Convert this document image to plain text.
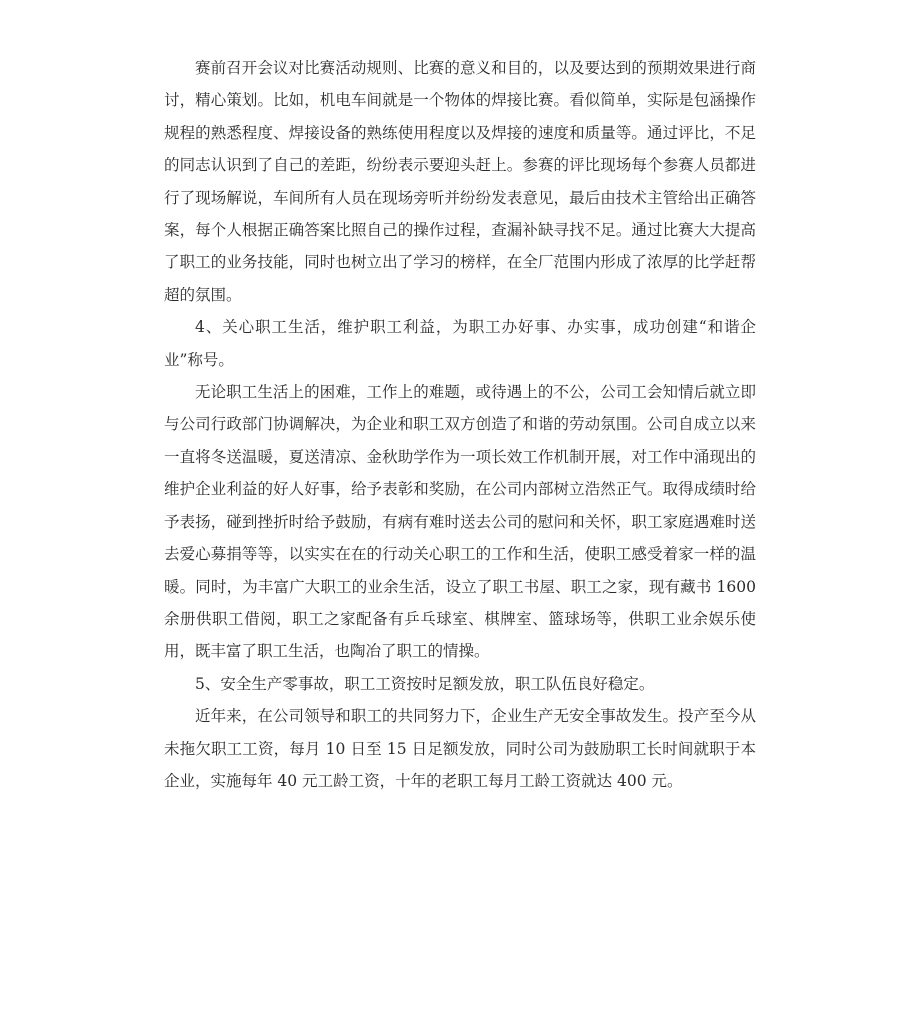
赛前召开会议对比赛活动规则、比赛的意义和目的，以及要达到的预期效果进行商讨，精心策划。比如，机电车间就是一个物体的焊接比赛。看似简单，实际是包涵操作规程的熟悉程度、焊接设备的熟练使用程度以及焊接的速度和质量等。通过评比，不足的同志认识到了自己的差距，纷纷表示要迎头赶上。参赛的评比现场每个参赛人员都进行了现场解说，车间所有人员在现场旁听并纷纷发表意见，最后由技术主管给出正确答案，每个人根据正确答案比照自己的操作过程，查漏补缺寻找不足。通过比赛大大提高了职工的业务技能，同时也树立出了学习的榜样，在全厂范围内形成了浓厚的比学赶帮超的氛围。

4、关心职工生活，维护职工利益，为职工办好事、办实事，成功创建“和谐企业”称号。

无论职工生活上的困难，工作上的难题，或待遇上的不公，公司工会知情后就立即与公司行政部门协调解决，为企业和职工双方创造了和谐的劳动氛围。公司自成立以来一直将冬送温暖，夏送清凉、金秋助学作为一项长效工作机制开展，对工作中涌现出的维护企业利益的好人好事，给予表彰和奖励，在公司内部树立浩然正气。取得成绩时给予表扬，碰到挫折时给予鼓励，有病有难时送去公司的慰问和关怀，职工家庭遇难时送去爱心募捐等等，以实实在在的行动关心职工的工作和生活，使职工感受着家一样的温暖。同时，为丰富广大职工的业余生活，设立了职工书屋、职工之家，现有藏书 1600 余册供职工借阅，职工之家配备有乒乓球室、棋牌室、篮球场等，供职工业余娱乐使用，既丰富了职工生活，也陶冶了职工的情操。

5、安全生产零事故，职工工资按时足额发放，职工队伍良好稳定。

近年来，在公司领导和职工的共同努力下，企业生产无安全事故发生。投产至今从未拖欠职工工资，每月 10 日至 15 日足额发放，同时公司为鼓励职工长时间就职于本企业，实施每年 40 元工龄工资，十年的老职工每月工龄工资就达 400 元。
